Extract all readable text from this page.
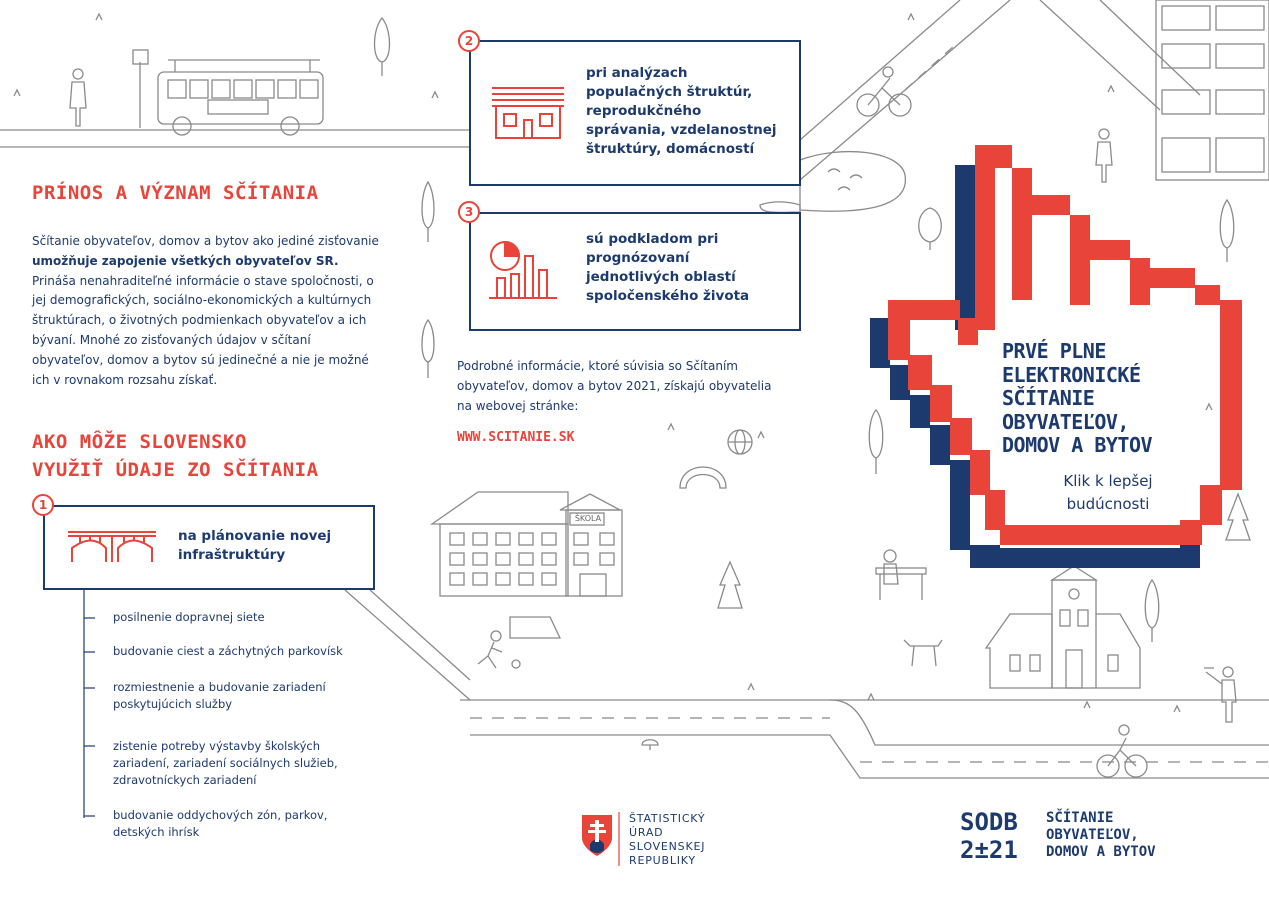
PRÍNOS A VÝZNAM SČÍTANIA
Sčítanie obyvateľov, domov a bytov ako jediné zisťovanie umožňuje zapojenie všetkých obyvateľov SR. Prináša nenahraditeľné informácie o stave spoločnosti, o jej demografických, sociálno-ekonomických a kultúrnych štruktúrach, o životných podmienkach obyvateľov a ich bývaní. Mnohé zo zisťovaných údajov v sčítaní obyvateľov, domov a bytov sú jedinečné a nie je možné ich v rovnakom rozsahu získať.
AKO MÔŽE SLOVENSKO
VYUŽIŤ ÚDAJE ZO SČÍTANIA
1
na plánovanie novej
infraštruktúry
posilnenie dopravnej siete
budovanie ciest a záchytných parkovísk
rozmiestnenie a budovanie zariadení poskytujúcich služby
zistenie potreby výstavby školských zariadení, zariadení sociálnych služieb, zdravotníckych zariadení
budovanie oddychových zón, parkov, detských ihrísk
2
pri analýzach
populačných štruktúr,
reprodukčného
správania, vzdelanostnej
štruktúry, domácností
3
sú podkladom pri
prognózovaní
jednotlivých oblastí
spoločenského života
Podrobné informácie, ktoré súvisia so Sčítaním obyvateľov, domov a bytov 2021, získajú obyvatelia na webovej stránke:
WWW.SCITANIE.SK
ŠKOLA
PRVÉ PLNE
ELEKTRONICKÉ
SČÍTANIE
OBYVATEĽOV,
DOMOV A BYTOV
Klik k lepšej
budúcnosti
ŠTATISTICKÝ
ÚRAD
SLOVENSKEJ
REPUBLIKY
SODB
2±21
SČÍTANIE
OBYVATEĽOV,
DOMOV A BYTOV
